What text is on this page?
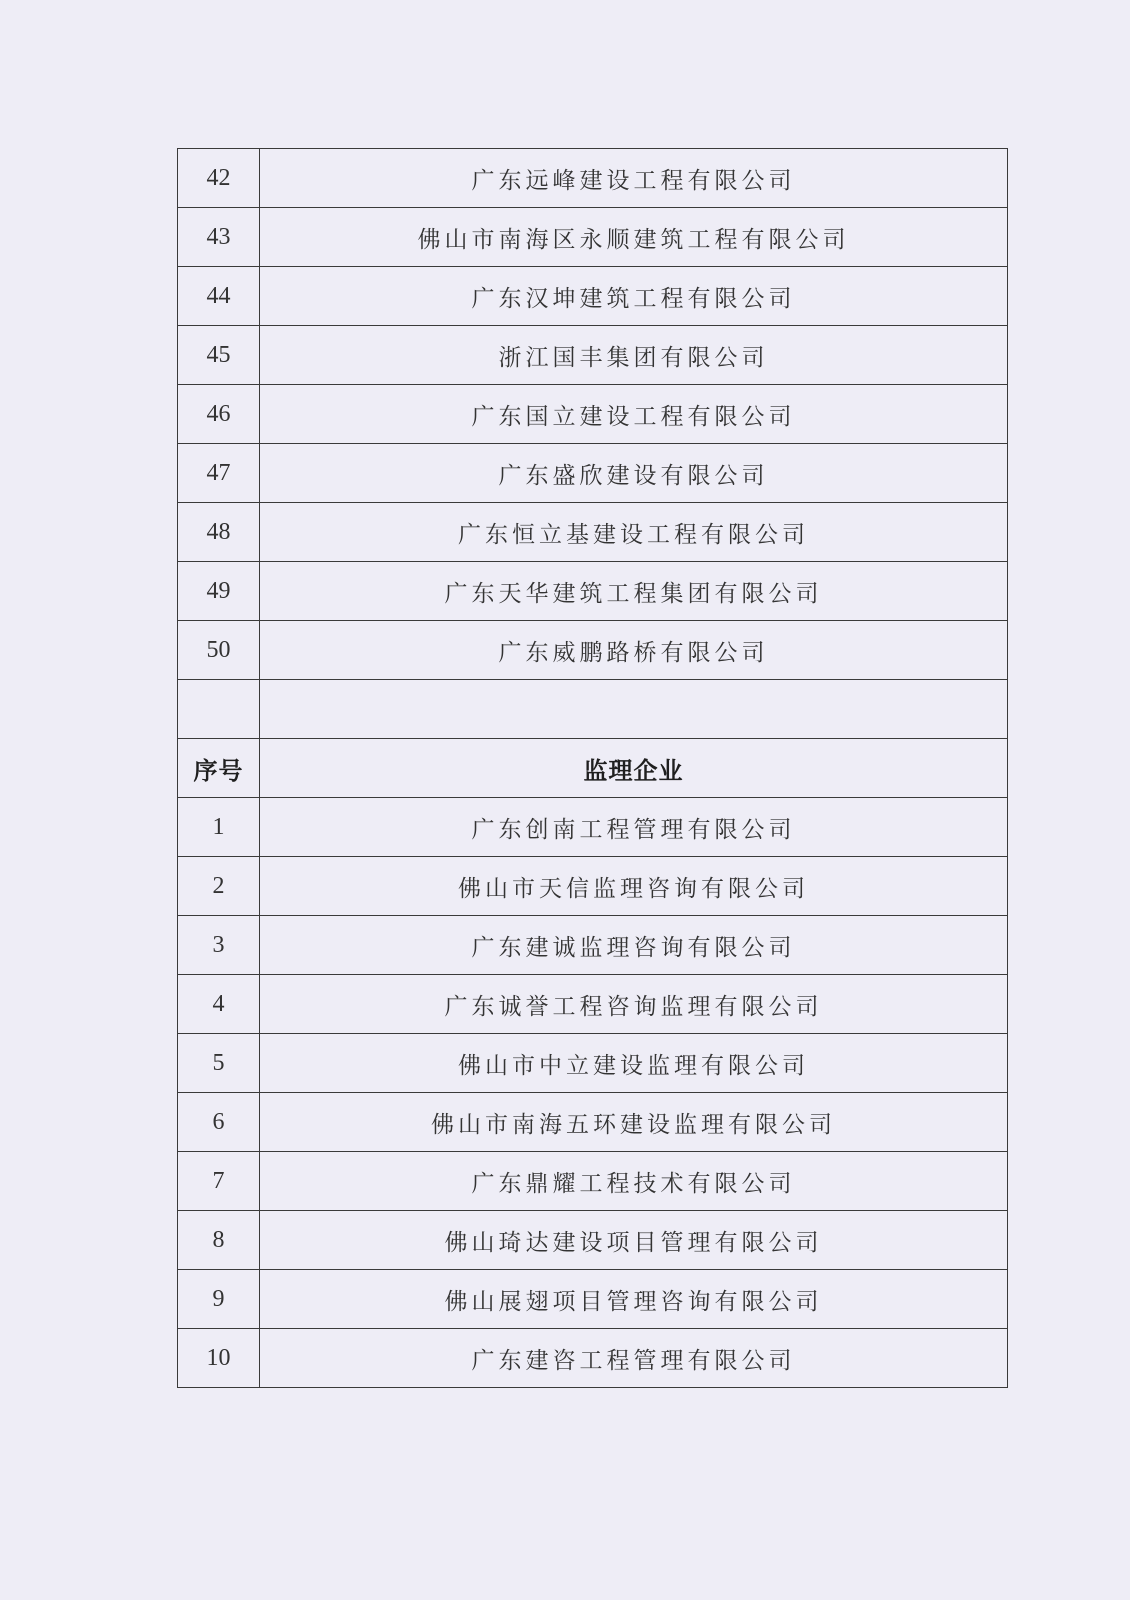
42	广东远峰建设工程有限公司
43	佛山市南海区永顺建筑工程有限公司
44	广东汉坤建筑工程有限公司
45	浙江国丰集团有限公司
46	广东国立建设工程有限公司
47	广东盛欣建设有限公司
48	广东恒立基建设工程有限公司
49	广东天华建筑工程集团有限公司
50	广东威鹏路桥有限公司

序号	监理企业
1	广东创南工程管理有限公司
2	佛山市天信监理咨询有限公司
3	广东建诚监理咨询有限公司
4	广东诚誉工程咨询监理有限公司
5	佛山市中立建设监理有限公司
6	佛山市南海五环建设监理有限公司
7	广东鼎耀工程技术有限公司
8	佛山琦达建设项目管理有限公司
9	佛山展翅项目管理咨询有限公司
10	广东建咨工程管理有限公司
